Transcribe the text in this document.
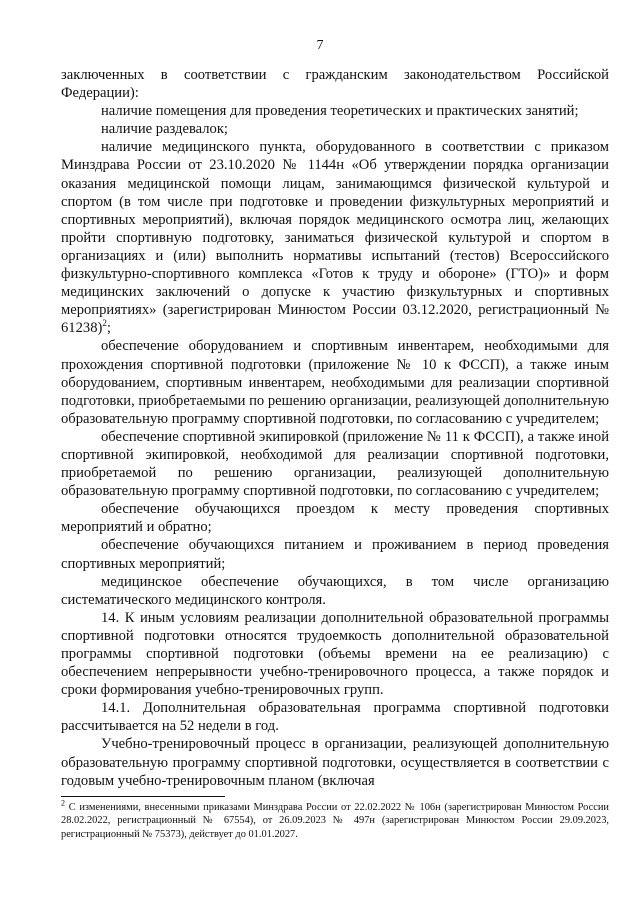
7

заключенных в соответствии с гражданским законодательством Российской Федерации):

наличие помещения для проведения теоретических и практических занятий;

наличие раздевалок;

наличие медицинского пункта, оборудованного в соответствии с приказом Минздрава России от 23.10.2020 № 1144н «Об утверждении порядка организации оказания медицинской помощи лицам, занимающимся физической культурой и спортом (в том числе при подготовке и проведении физкультурных мероприятий и спортивных мероприятий), включая порядок медицинского осмотра лиц, желающих пройти спортивную подготовку, заниматься физической культурой и спортом в организациях и (или) выполнить нормативы испытаний (тестов) Всероссийского физкультурно-спортивного комплекса «Готов к труду и обороне» (ГТО)» и форм медицинских заключений о допуске к участию физкультурных и спортивных мероприятиях» (зарегистрирован Минюстом России 03.12.2020, регистрационный № 61238)$^2$;

обеспечение оборудованием и спортивным инвентарем, необходимыми для прохождения спортивной подготовки (приложение № 10 к ФССП), а также иным оборудованием, спортивным инвентарем, необходимыми для реализации спортивной подготовки, приобретаемыми по решению организации, реализующей дополнительную образовательную программу спортивной подготовки, по согласованию с учредителем;

обеспечение спортивной экипировкой (приложение № 11 к ФССП), а также иной спортивной экипировкой, необходимой для реализации спортивной подготовки, приобретаемой по решению организации, реализующей дополнительную образовательную программу спортивной подготовки, по согласованию с учредителем;

обеспечение обучающихся проездом к месту проведения спортивных мероприятий и обратно;

обеспечение обучающихся питанием и проживанием в период проведения спортивных мероприятий;

медицинское обеспечение обучающихся, в том числе организацию систематического медицинского контроля.

14. К иным условиям реализации дополнительной образовательной программы спортивной подготовки относятся трудоемкость дополнительной образовательной программы спортивной подготовки (объемы времени на ее реализацию) с обеспечением непрерывности учебно-тренировочного процесса, а также порядок и сроки формирования учебно-тренировочных групп.

14.1. Дополнительная образовательная программа спортивной подготовки рассчитывается на 52 недели в год.

Учебно-тренировочный процесс в организации, реализующей дополнительную образовательную программу спортивной подготовки, осуществляется в соответствии с годовым учебно-тренировочным планом (включая

$^2$ С изменениями, внесенными приказами Минздрава России от 22.02.2022 № 106н (зарегистрирован Минюстом России 28.02.2022, регистрационный № 67554), от 26.09.2023 № 497н (зарегистрирован Минюстом России 29.09.2023, регистрационный № 75373), действует до 01.01.2027.
